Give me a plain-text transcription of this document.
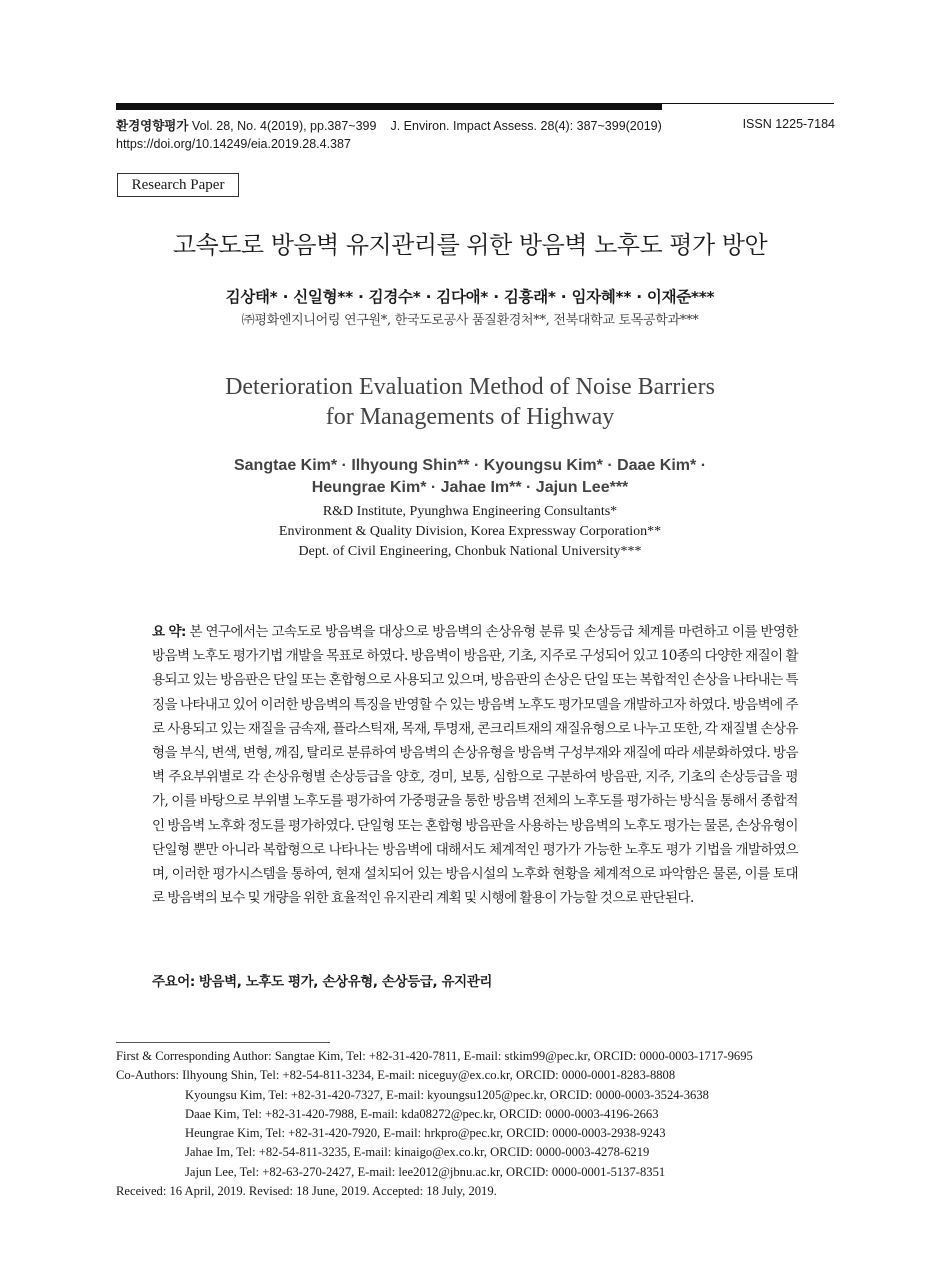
환경영향평가 Vol. 28, No. 4(2019), pp.387~399 J. Environ. Impact Assess. 28(4): 387~399(2019)
https://doi.org/10.14249/eia.2019.28.4.387
ISSN 1225-7184
Research Paper
고속도로 방음벽 유지관리를 위한 방음벽 노후도 평가 방안
김상태* · 신일형** · 김경수* · 김다애* · 김흥래* · 임자혜** · 이재준***
㈜평화엔지니어링 연구원*, 한국도로공사 품질환경처**, 전북대학교 토목공학과***
Deterioration Evaluation Method of Noise Barriers
for Managements of Highway
Sangtae Kim* · Ilhyoung Shin** · Kyoungsu Kim* · Daae Kim* ·
Heungrae Kim* · Jahae Im** · Jajun Lee***
R&D Institute, Pyunghwa Engineering Consultants*
Environment & Quality Division, Korea Expressway Corporation**
Dept. of Civil Engineering, Chonbuk National University***
요 약: 본 연구에서는 고속도로 방음벽을 대상으로 방음벽의 손상유형 분류 및 손상등급 체계를 마련하고 이를 반영한 방음벽 노후도 평가기법 개발을 목표로 하였다. 방음벽이 방음판, 기초, 지주로 구성되어 있고 10종의 다양한 재질이 활용되고 있는 방음판은 단일 또는 혼합형으로 사용되고 있으며, 방음판의 손상은 단일 또는 복합적인 손상을 나타내는 특징을 나타내고 있어 이러한 방음벽의 특징을 반영할 수 있는 방음벽 노후도 평가모델을 개발하고자 하였다. 방음벽에 주로 사용되고 있는 재질을 금속재, 플라스틱재, 목재, 투명재, 콘크리트재의 재질유형으로 나누고 또한, 각 재질별 손상유형을 부식, 변색, 변형, 깨짐, 탈리로 분류하여 방음벽의 손상유형을 방음벽 구성부재와 재질에 따라 세분화하였다. 방음벽 주요부위별로 각 손상유형별 손상등급을 양호, 경미, 보통, 심함으로 구분하여 방음판, 지주, 기초의 손상등급을 평가, 이를 바탕으로 부위별 노후도를 평가하여 가중평균을 통한 방음벽 전체의 노후도를 평가하는 방식을 통해서 종합적인 방음벽 노후화 정도를 평가하였다. 단일형 또는 혼합형 방음판을 사용하는 방음벽의 노후도 평가는 물론, 손상유형이 단일형 뿐만 아니라 복합형으로 나타나는 방음벽에 대해서도 체계적인 평가가 가능한 노후도 평가 기법을 개발하였으며, 이러한 평가시스템을 통하여, 현재 설치되어 있는 방음시설의 노후화 현황을 체계적으로 파악함은 물론, 이를 토대로 방음벽의 보수 및 개량을 위한 효율적인 유지관리 계획 및 시행에 활용이 가능할 것으로 판단된다.
주요어: 방음벽, 노후도 평가, 손상유형, 손상등급, 유지관리
First & Corresponding Author: Sangtae Kim, Tel: +82-31-420-7811, E-mail: stkim99@pec.kr, ORCID: 0000-0003-1717-9695
Co-Authors: Ilhyoung Shin, Tel: +82-54-811-3234, E-mail: niceguy@ex.co.kr, ORCID: 0000-0001-8283-8808
Kyoungsu Kim, Tel: +82-31-420-7327, E-mail: kyoungsu1205@pec.kr, ORCID: 0000-0003-3524-3638
Daae Kim, Tel: +82-31-420-7988, E-mail: kda08272@pec.kr, ORCID: 0000-0003-4196-2663
Heungrae Kim, Tel: +82-31-420-7920, E-mail: hrkpro@pec.kr, ORCID: 0000-0003-2938-9243
Jahae Im, Tel: +82-54-811-3235, E-mail: kinaigo@ex.co.kr, ORCID: 0000-0003-4278-6219
Jajun Lee, Tel: +82-63-270-2427, E-mail: lee2012@jbnu.ac.kr, ORCID: 0000-0001-5137-8351
Received: 16 April, 2019. Revised: 18 June, 2019. Accepted: 18 July, 2019.
